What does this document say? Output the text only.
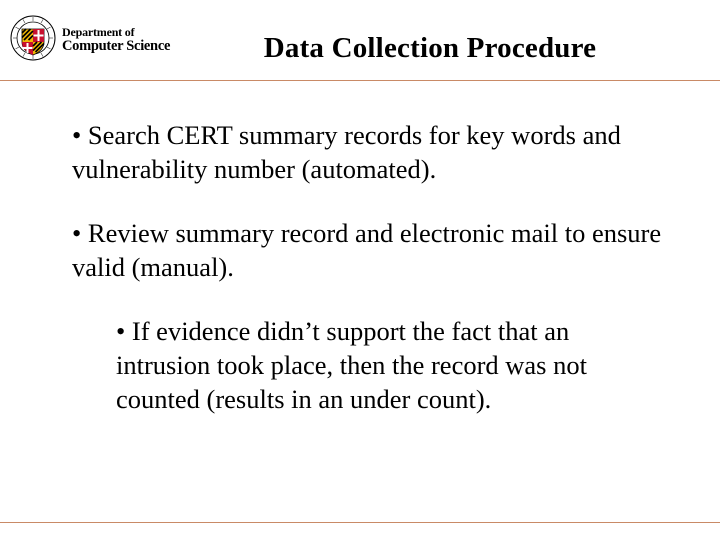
Department of
Computer Science	Data Collection Procedure

• Search CERT summary records for key words and vulnerability number (automated).

• Review summary record and electronic mail to ensure valid (manual).

• If evidence didn’t support the fact that an intrusion took place, then the record was not counted (results in an under count).
